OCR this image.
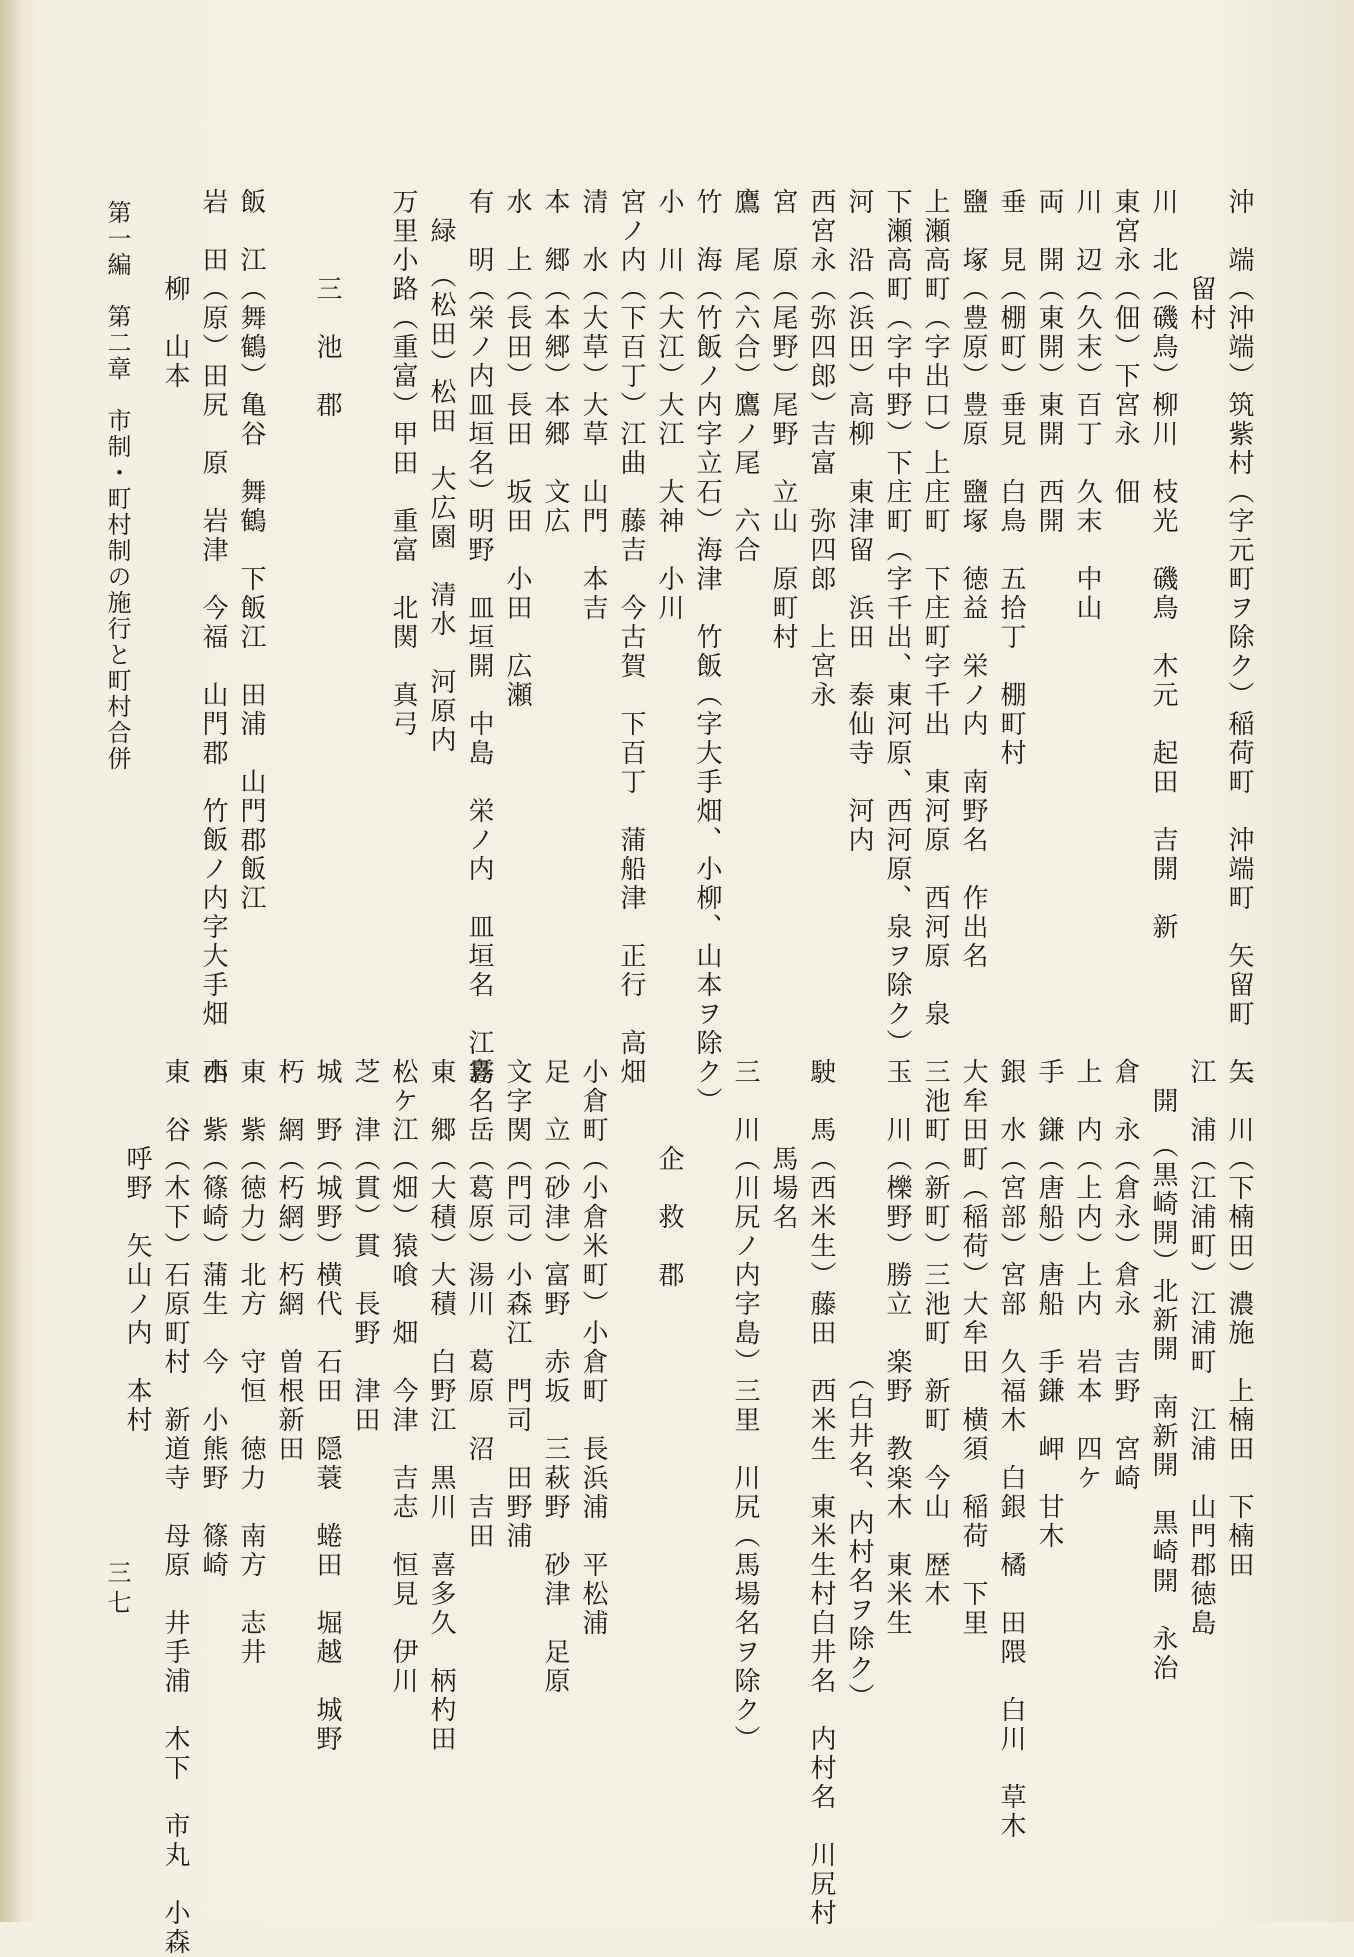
沖　端（沖端）筑紫村（字元町ヲ除ク）稲荷町　沖端町　矢留町　矢
　　　留村
川　北（磯鳥）柳川　枝光　磯鳥　木元　起田　吉開　新
東宮永（佃）下宮永　佃
川　辺（久末）百丁　久末　中山
両　開（東開）東開　西開
垂　見（棚町）垂見　白鳥　五拾丁　棚町村
鹽　塚（豊原）豊原　鹽塚　徳益　栄ノ内　南野名　作出名
上瀬高町（字出口）上庄町　下庄町字千出　東河原　西河原　泉
下瀬高町（字中野）下庄町（字千出、東河原、西河原、泉ヲ除ク）
河　沿（浜田）高柳　東津留　浜田　泰仙寺　河内
西宮永（弥四郎）吉富　弥四郎　上宮永
宮　原（尾野）尾野　立山　原町村
鷹　尾（六合）鷹ノ尾　六合
竹　海（竹飯ノ内字立石）海津　竹飯（字大手畑、小柳、山本ヲ除ク）
小　川（大江）大江　大神　小川
宮ノ内（下百丁）江曲　藤吉　今古賀　下百丁　蒲船津　正行　高畑
清　水（大草）大草　山門　本吉
本　郷（本郷）本郷　文広
水　上（長田）長田　坂田　小田　広瀬
有　明（栄ノ内皿垣名）明野　皿垣開　中島　栄ノ内　皿垣名　江島名
　緑　（松田）松田　大広園　清水　河原内
万里小路（重富）甲田　重富　北関　真弓
　　　三　池　郡
飯　江（舞鶴）亀谷　舞鶴　下飯江　田浦　山門郡飯江
岩　田（原）田尻　原　岩津　今福　山門郡　竹飯ノ内字大手畑　小
　　　柳　山本
二　川（下楠田）濃施　上楠田　下楠田
江　浦（江浦町）江浦町　江浦　山門郡徳島
　開　（黒崎開）北新開　南新開　黒崎開　永治
倉　永（倉永）倉永　吉野　宮崎
上　内（上内）上内　岩本　四ケ
手　鎌（唐船）唐船　手鎌　岬　甘木
銀　水（宮部）宮部　久福木　白銀　橘　田隈　白川　草木
大牟田町（稲荷）大牟田　横須　稲荷　下里
三池町（新町）三池町　新町　今山　歴木
玉　川（櫟野）勝立　楽野　教楽木　東米生
　　　　　　　　　　　（白井名、内村名ヲ除ク）
駛　馬（西米生）藤田　西米生　東米生村白井名　内村名　川尻村
　　　馬場名
三　川（川尻ノ内字島）三里　川尻（馬場名ヲ除ク）
　　　企　救　郡
小倉町（小倉米町）小倉町　長浜浦　平松浦
足　立（砂津）富野　赤坂　三萩野　砂津　足原
文字関（門司）小森江　門司　田野浦
霧　岳（葛原）湯川　葛原　沼　吉田
東　郷（大積）大積　白野江　黒川　喜多久　柄杓田
松ケ江（畑）猿喰　畑　今津　吉志　恒見　伊川
芝　津（貫）貫　長野　津田
城　野（城野）横代　石田　隠蓑　蜷田　堀越　城野
朽　網（朽網）朽網　曽根新田
東　紫（徳力）北方　守恒　徳力　南方　志井
西　紫（篠崎）蒲生　今　小熊野　篠崎
東　谷（木下）石原町村　新道寺　母原　井手浦　木下　市丸　小森
　　　呼野　矢山ノ内　本村
第一編　第二章　市制・町村制の施行と町村合併
三七
